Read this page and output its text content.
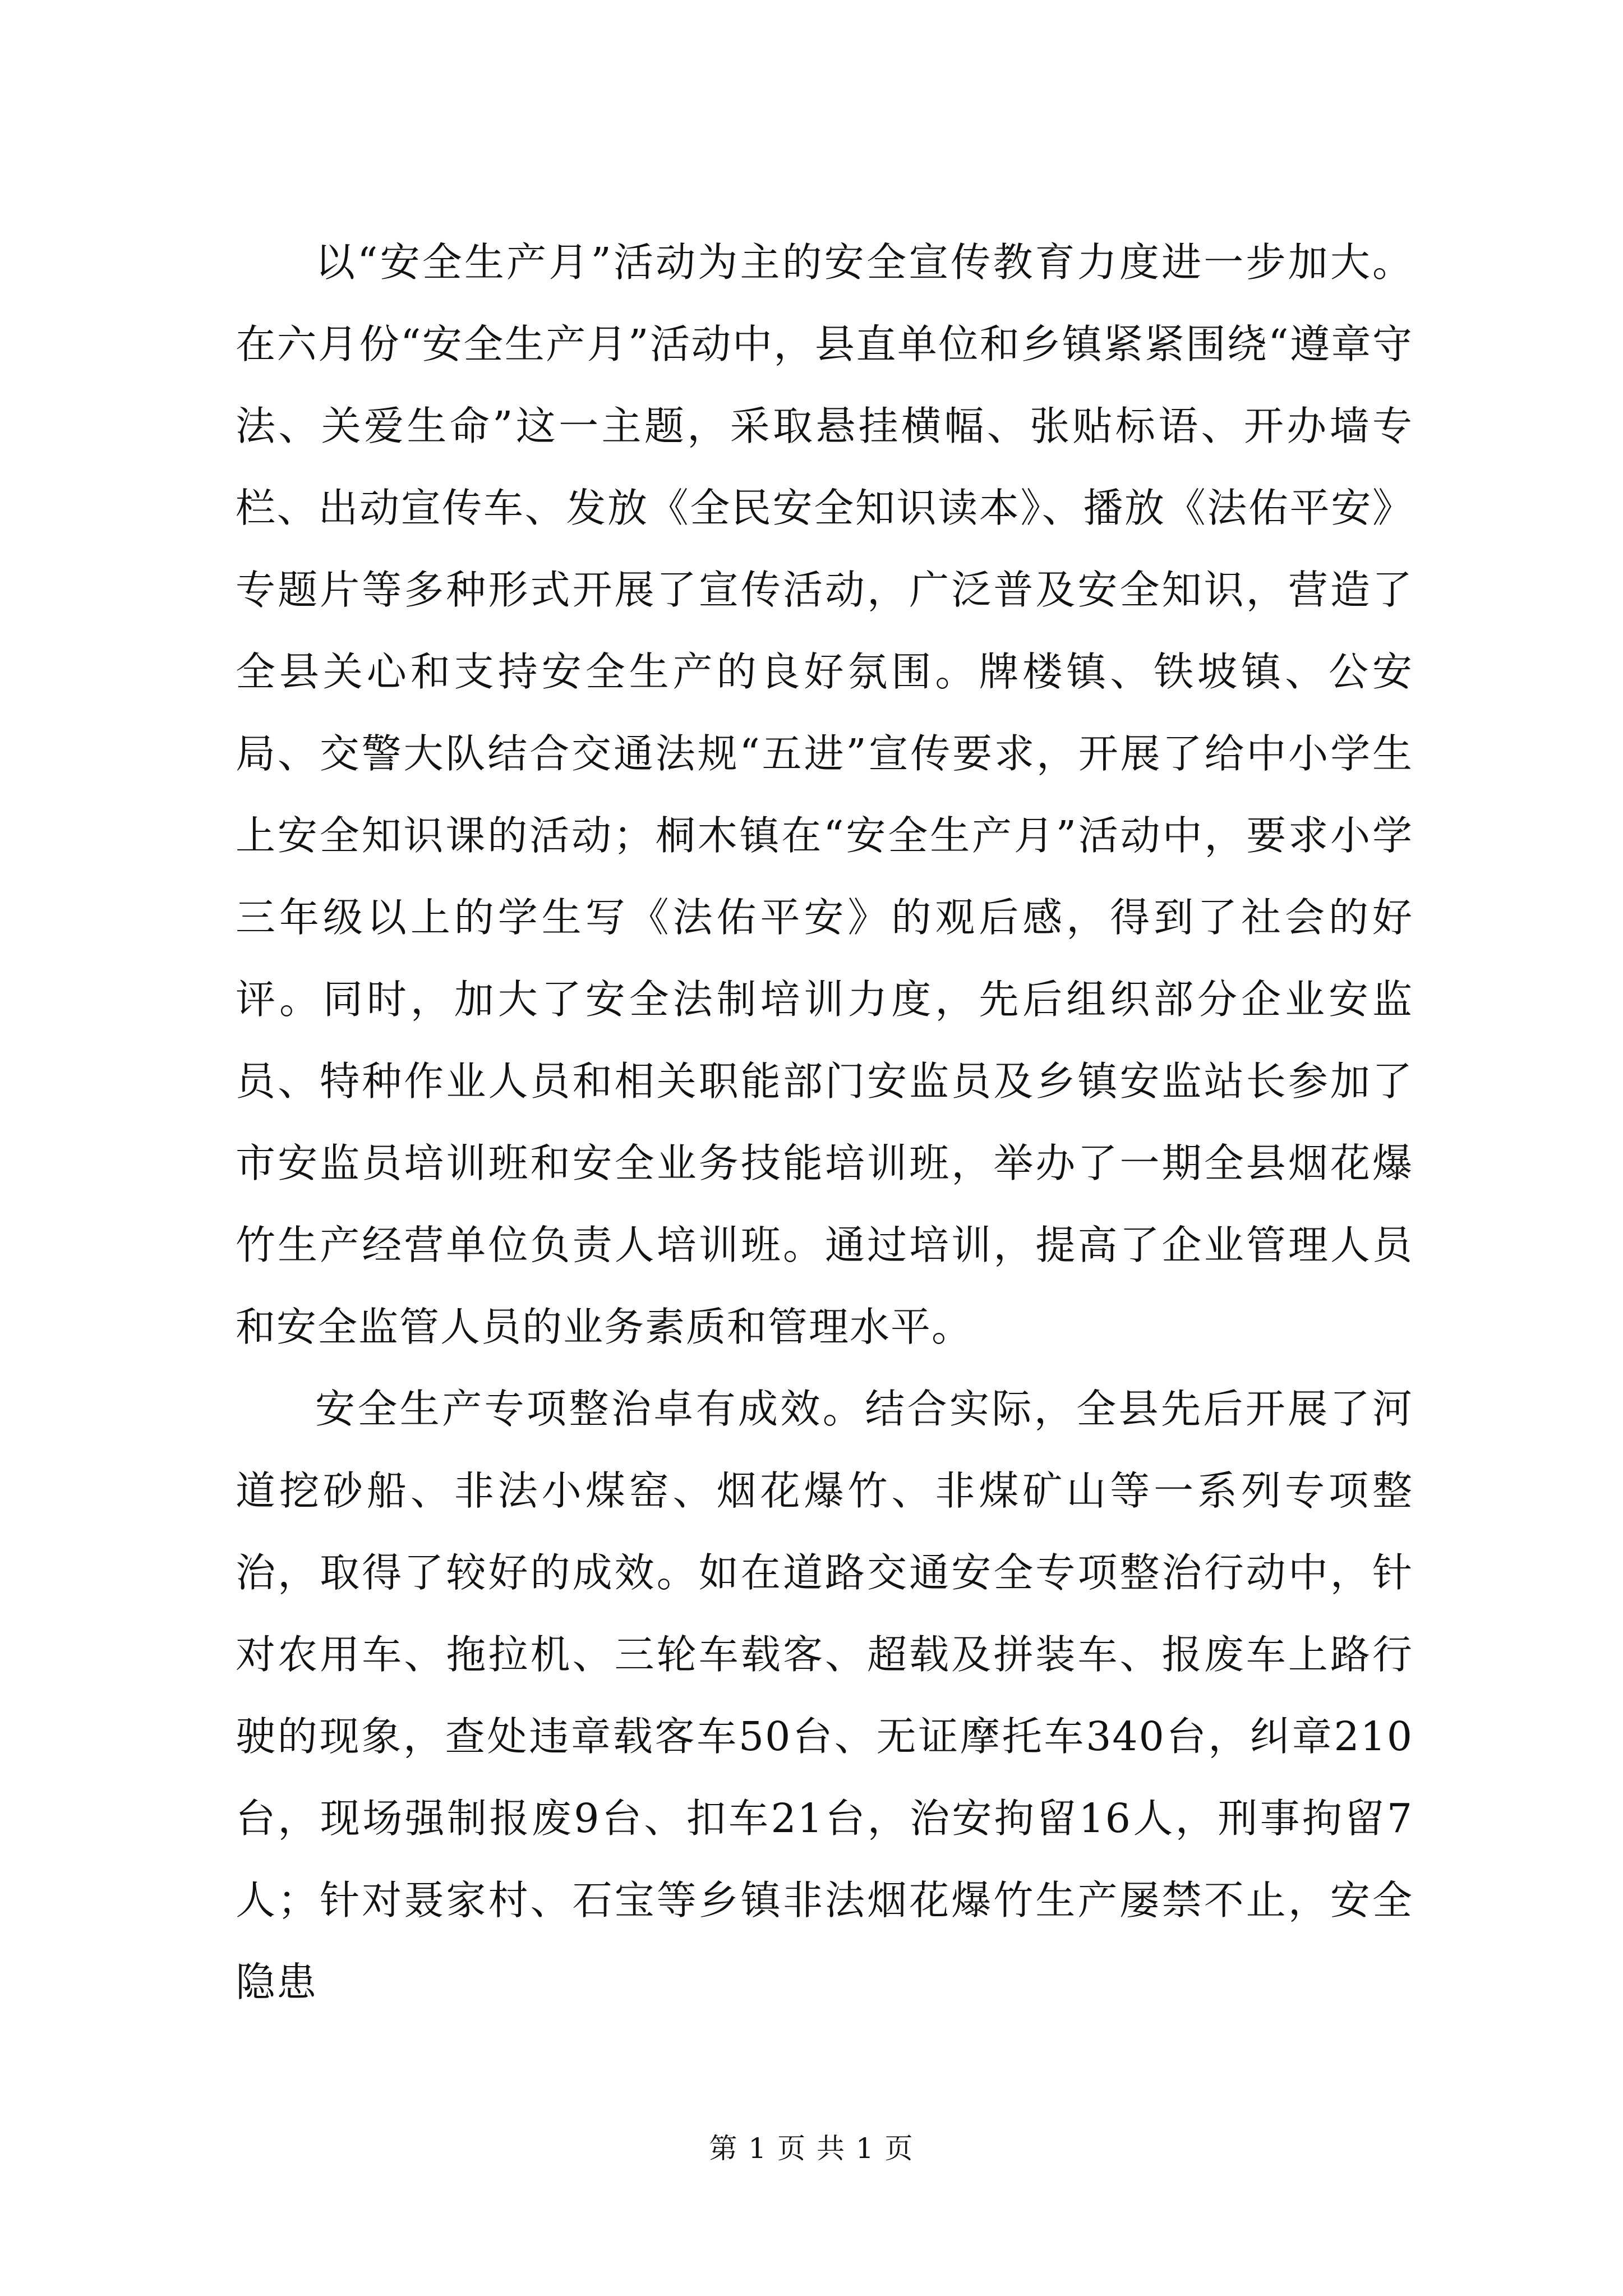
以“安全生产月”活动为主的安全宣传教育力度进一步加大。在六月份“安全生产月”活动中，县直单位和乡镇紧紧围绕“遵章守法、关爱生命”这一主题，采取悬挂横幅、张贴标语、开办墙专栏、出动宣传车、发放《全民安全知识读本》、播放《法佑平安》专题片等多种形式开展了宣传活动，广泛普及安全知识，营造了全县关心和支持安全生产的良好氛围。牌楼镇、铁坡镇、公安局、交警大队结合交通法规“五进”宣传要求，开展了给中小学生上安全知识课的活动；桐木镇在“安全生产月”活动中，要求小学三年级以上的学生写《法佑平安》的观后感，得到了社会的好评。同时，加大了安全法制培训力度，先后组织部分企业安监员、特种作业人员和相关职能部门安监员及乡镇安监站长参加了市安监员培训班和安全业务技能培训班，举办了一期全县烟花爆竹生产经营单位负责人培训班。通过培训，提高了企业管理人员和安全监管人员的业务素质和管理水平。

安全生产专项整治卓有成效。结合实际，全县先后开展了河道挖砂船、非法小煤窑、烟花爆竹、非煤矿山等一系列专项整治，取得了较好的成效。如在道路交通安全专项整治行动中，针对农用车、拖拉机、三轮车载客、超载及拼装车、报废车上路行驶的现象，查处违章载客车50台、无证摩托车340台，纠章210台，现场强制报废9台、扣车21台，治安拘留16人，刑事拘留7人；针对聂家村、石宝等乡镇非法烟花爆竹生产屡禁不止，安全隐患

第 1 页 共 1 页
